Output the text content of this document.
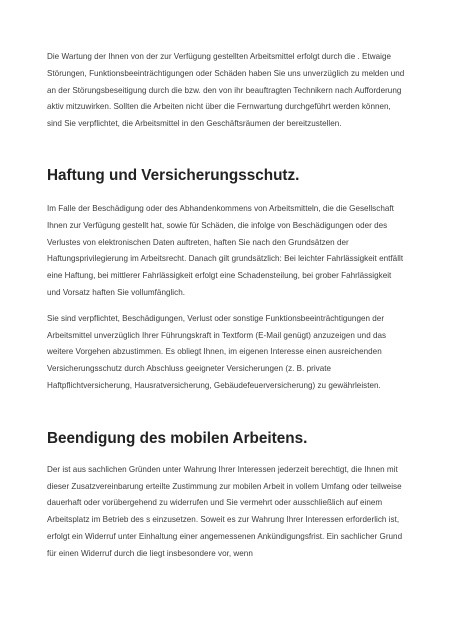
Die Wartung der Ihnen von der zur Verfügung gestellten Arbeitsmittel erfolgt durch die . Etwaige Störungen, Funktionsbeeinträchtigungen oder Schäden haben Sie uns unverzüglich zu melden und an der Störungsbeseitigung durch die bzw. den von ihr beauftragten Technikern nach Aufforderung aktiv mitzuwirken. Sollten die Arbeiten nicht über die Fernwartung durchgeführt werden können, sind Sie verpflichtet, die Arbeitsmittel in den Geschäftsräumen der bereitzustellen.

Haftung und Versicherungsschutz.

Im Falle der Beschädigung oder des Abhandenkommens von Arbeitsmitteln, die die Gesellschaft Ihnen zur Verfügung gestellt hat, sowie für Schäden, die infolge von Beschädigungen oder des Verlustes von elektronischen Daten auftreten, haften Sie nach den Grundsätzen der Haftungsprivilegierung im Arbeitsrecht. Danach gilt grundsätzlich: Bei leichter Fahrlässigkeit entfällt eine Haftung, bei mittlerer Fahrlässigkeit erfolgt eine Schadensteilung, bei grober Fahrlässigkeit und Vorsatz haften Sie vollumfänglich.

Sie sind verpflichtet, Beschädigungen, Verlust oder sonstige Funktionsbeeinträchtigungen der Arbeitsmittel unverzüglich Ihrer Führungskraft in Textform (E-Mail genügt) anzuzeigen und das weitere Vorgehen abzustimmen. Es obliegt Ihnen, im eigenen Interesse einen ausreichenden Versicherungsschutz durch Abschluss geeigneter Versicherungen (z. B. private Haftpflichtversicherung, Hausratversicherung, Gebäudefeuerversicherung) zu gewährleisten.

Beendigung des mobilen Arbeitens.

Der ist aus sachlichen Gründen unter Wahrung Ihrer Interessen jederzeit berechtigt, die Ihnen mit dieser Zusatzvereinbarung erteilte Zustimmung zur mobilen Arbeit in vollem Umfang oder teilweise dauerhaft oder vorübergehend zu widerrufen und Sie vermehrt oder ausschließlich auf einem Arbeitsplatz im Betrieb des s einzusetzen. Soweit es zur Wahrung Ihrer Interessen erforderlich ist, erfolgt ein Widerruf unter Einhaltung einer angemessenen Ankündigungsfrist. Ein sachlicher Grund für einen Widerruf durch die liegt insbesondere vor, wenn
